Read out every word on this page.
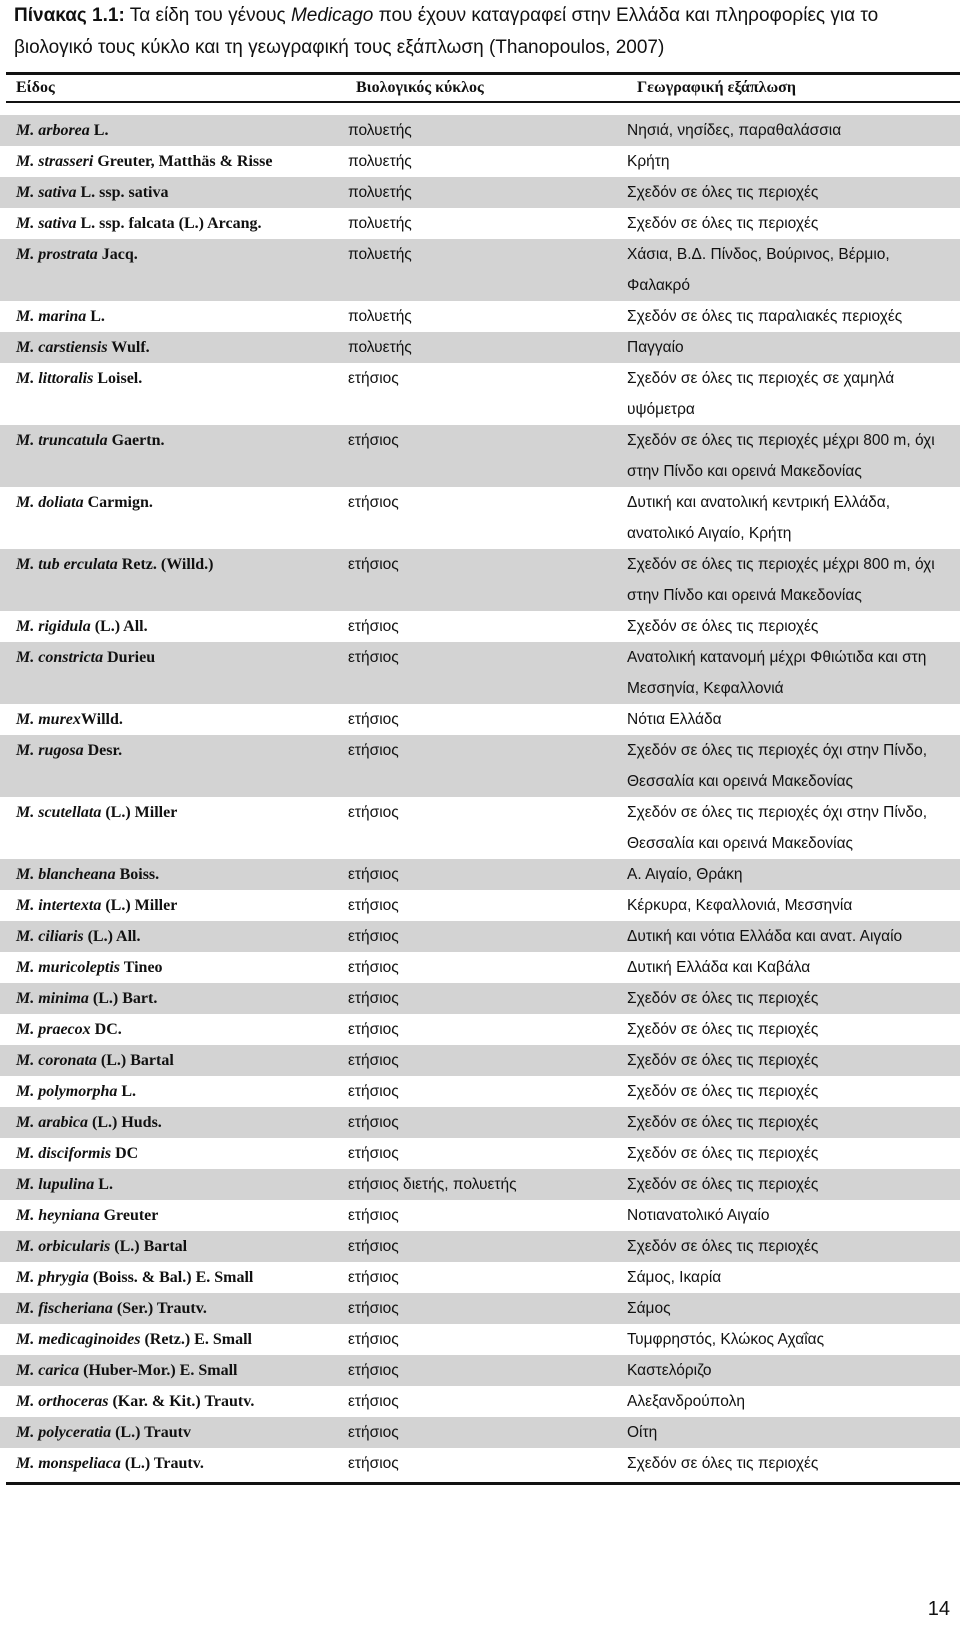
Πίνακας 1.1: Τα είδη του γένους Medicago που έχουν καταγραφεί στην Ελλάδα και πληροφορίες για το βιολογικό τους κύκλο και τη γεωγραφική τους εξάπλωση (Thanopoulos, 2007)
Είδος	Βιολογικός κύκλος	Γεωγραφική εξάπλωση
M. arborea L.	πολυετής	Νησιά, νησίδες, παραθαλάσσια
M. strasseri Greuter, Matthäs & Risse	πολυετής	Κρήτη
M. sativa L. ssp. sativa	πολυετής	Σχεδόν σε όλες τις περιοχές
M. sativa L. ssp. falcata (L.) Arcang.	πολυετής	Σχεδόν σε όλες τις περιοχές
M. prostrata Jacq.	πολυετής	Χάσια, Β.Δ. Πίνδος, Βούρινος, Βέρμιο, Φαλακρό
M. marina L.	πολυετής	Σχεδόν σε όλες τις παραλιακές περιοχές
M. carstiensis Wulf.	πολυετής	Παγγαίο
M. littoralis Loisel.	ετήσιος	Σχεδόν σε όλες τις περιοχές σε χαμηλά υψόμετρα
M. truncatula Gaertn.	ετήσιος	Σχεδόν σε όλες τις περιοχές μέχρι 800 m, όχι στην Πίνδο και ορεινά Μακεδονίας
M. doliata Carmign.	ετήσιος	Δυτική και ανατολική κεντρική Ελλάδα, ανατολικό Αιγαίο, Κρήτη
M. tub erculata Retz. (Willd.)	ετήσιος	Σχεδόν σε όλες τις περιοχές μέχρι 800 m, όχι στην Πίνδο και ορεινά Μακεδονίας
M. rigidula (L.) All.	ετήσιος	Σχεδόν σε όλες τις περιοχές
M. constricta Durieu	ετήσιος	Ανατολική κατανομή μέχρι Φθιώτιδα και στη Μεσσηνία, Κεφαλλονιά
M. murexWilld.	ετήσιος	Νότια Ελλάδα
M. rugosa Desr.	ετήσιος	Σχεδόν σε όλες τις περιοχές όχι στην Πίνδο, Θεσσαλία και ορεινά Μακεδονίας
M. scutellata (L.) Miller	ετήσιος	Σχεδόν σε όλες τις περιοχές όχι στην Πίνδο, Θεσσαλία και ορεινά Μακεδονίας
M. blancheana Boiss.	ετήσιος	Α. Αιγαίο, Θράκη
M. intertexta (L.) Miller	ετήσιος	Κέρκυρα, Κεφαλλονιά, Μεσσηνία
M. ciliaris (L.) All.	ετήσιος	Δυτική και νότια Ελλάδα και ανατ. Αιγαίο
M. muricoleptis Tineo	ετήσιος	Δυτική Ελλάδα και Καβάλα
M. minima (L.) Bart.	ετήσιος	Σχεδόν σε όλες τις περιοχές
M. praecox DC.	ετήσιος	Σχεδόν σε όλες τις περιοχές
M. coronata (L.) Bartal	ετήσιος	Σχεδόν σε όλες τις περιοχές
M. polymorpha L.	ετήσιος	Σχεδόν σε όλες τις περιοχές
M. arabica (L.) Huds.	ετήσιος	Σχεδόν σε όλες τις περιοχές
M. disciformis DC	ετήσιος	Σχεδόν σε όλες τις περιοχές
M. lupulina L.	ετήσιος διετής, πολυετής	Σχεδόν σε όλες τις περιοχές
M. heyniana Greuter	ετήσιος	Νοτιανατολικό Αιγαίο
M. orbicularis (L.) Bartal	ετήσιος	Σχεδόν σε όλες τις περιοχές
M. phrygia (Boiss. & Bal.) E. Small	ετήσιος	Σάμος, Ικαρία
M. fischeriana (Ser.) Trautv.	ετήσιος	Σάμος
M. medicaginoides (Retz.) E. Small	ετήσιος	Τυμφρηστός, Κλώκος Αχαΐας
M. carica (Huber-Mor.) E. Small	ετήσιος	Καστελόριζο
M. orthoceras (Kar. & Kit.) Trautv.	ετήσιος	Αλεξανδρούπολη
M. polyceratia (L.) Trautv	ετήσιος	Οίτη
M. monspeliaca (L.) Trautv.	ετήσιος	Σχεδόν σε όλες τις περιοχές
14
